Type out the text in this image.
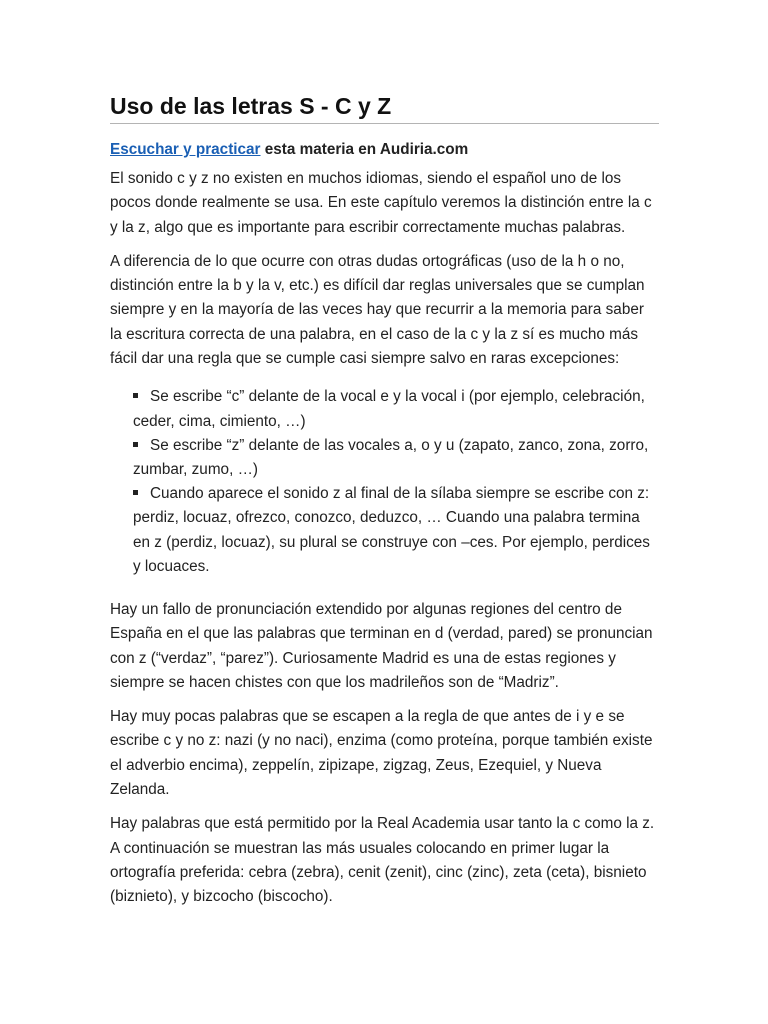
Uso de las letras S - C y Z

Escuchar y practicar esta materia en Audiria.com

El sonido c y z no existen en muchos idiomas, siendo el español uno de los pocos donde realmente se usa. En este capítulo veremos la distinción entre la c y la z, algo que es importante para escribir correctamente muchas palabras.

A diferencia de lo que ocurre con otras dudas ortográficas (uso de la h o no, distinción entre la b y la v, etc.) es difícil dar reglas universales que se cumplan siempre y en la mayoría de las veces hay que recurrir a la memoria para saber la escritura correcta de una palabra, en el caso de la c y la z sí es mucho más fácil dar una regla que se cumple casi siempre salvo en raras excepciones:

Se escribe “c” delante de la vocal e y la vocal i (por ejemplo, celebración, ceder, cima, cimiento, …)
Se escribe “z” delante de las vocales a, o y u (zapato, zanco, zona, zorro, zumbar, zumo, …)
Cuando aparece el sonido z al final de la sílaba siempre se escribe con z: perdiz, locuaz, ofrezco, conozco, deduzco, … Cuando una palabra termina en z (perdiz, locuaz), su plural se construye con –ces. Por ejemplo, perdices y locuaces.

Hay un fallo de pronunciación extendido por algunas regiones del centro de España en el que las palabras que terminan en d (verdad, pared) se pronuncian con z (“verdaz”, “parez”). Curiosamente Madrid es una de estas regiones y siempre se hacen chistes con que los madrileños son de “Madriz”.

Hay muy pocas palabras que se escapen a la regla de que antes de i y e se escribe c y no z: nazi (y no naci), enzima (como proteína, porque también existe el adverbio encima), zeppelín, zipizape, zigzag, Zeus, Ezequiel, y Nueva Zelanda.

Hay palabras que está permitido por la Real Academia usar tanto la c como la z. A continuación se muestran las más usuales colocando en primer lugar la ortografía preferida: cebra (zebra), cenit (zenit), cinc (zinc), zeta (ceta), bisnieto (biznieto), y bizcocho (biscocho).
